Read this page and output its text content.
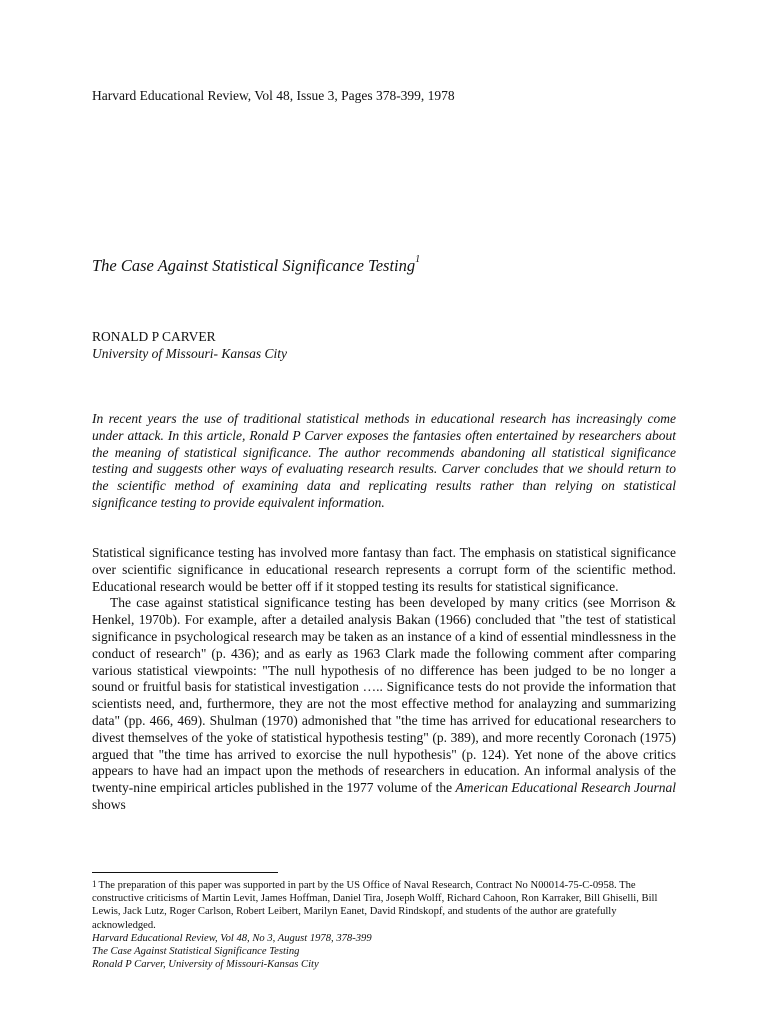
Harvard Educational Review, Vol 48, Issue 3, Pages 378-399, 1978
The Case Against Statistical Significance Testing$^1$
RONALD P CARVER
University of Missouri- Kansas City

In recent years the use of traditional statistical methods in educational research has increasingly come under attack. In this article, Ronald P Carver exposes the fantasies often entertained by researchers about the meaning of statistical significance. The author recommends abandoning all statistical significance testing and suggests other ways of evaluating research results. Carver concludes that we should return to the scientific method of examining data and replicating results rather than relying on statistical significance testing to provide equivalent information.

Statistical significance testing has involved more fantasy than fact. The emphasis on statistical significance over scientific significance in educational research represents a corrupt form of the scientific method. Educational research would be better off if it stopped testing its results for statistical significance.

The case against statistical significance testing has been developed by many critics (see Morrison & Henkel, 1970b). For example, after a detailed analysis Bakan (1966) concluded that "the test of statistical significance in psychological research may be taken as an instance of a kind of essential mindlessness in the conduct of research" (p. 436); and as early as 1963 Clark made the following comment after comparing various statistical viewpoints: "The null hypothesis of no difference has been judged to be no longer a sound or fruitful basis for statistical investigation ….. Significance tests do not provide the information that scientists need, and, furthermore, they are not the most effective method for analayzing and summarizing data" (pp. 466, 469). Shulman (1970) admonished that "the time has arrived for educational researchers to divest themselves of the yoke of statistical hypothesis testing" (p. 389), and more recently Coronach (1975) argued that "the time has arrived to exorcise the null hypothesis" (p. 124). Yet none of the above critics appears to have had an impact upon the methods of researchers in education. An informal analysis of the twenty-nine empirical articles published in the 1977 volume of the American Educational Research Journal shows

$^1$ The preparation of this paper was supported in part by the US Office of Naval Research, Contract No N00014-75-C-0958. The constructive criticisms of Martin Levit, James Hoffman, Daniel Tira, Joseph Wolff, Richard Cahoon, Ron Karraker, Bill Ghiselli, Bill Lewis, Jack Lutz, Roger Carlson, Robert Leibert, Marilyn Eanet, David Rindskopf, and students of the author are gratefully acknowledged.

Harvard Educational Review, Vol 48, No 3, August 1978, 378-399

The Case Against Statistical Significance Testing

Ronald P Carver, University of Missouri-Kansas City
